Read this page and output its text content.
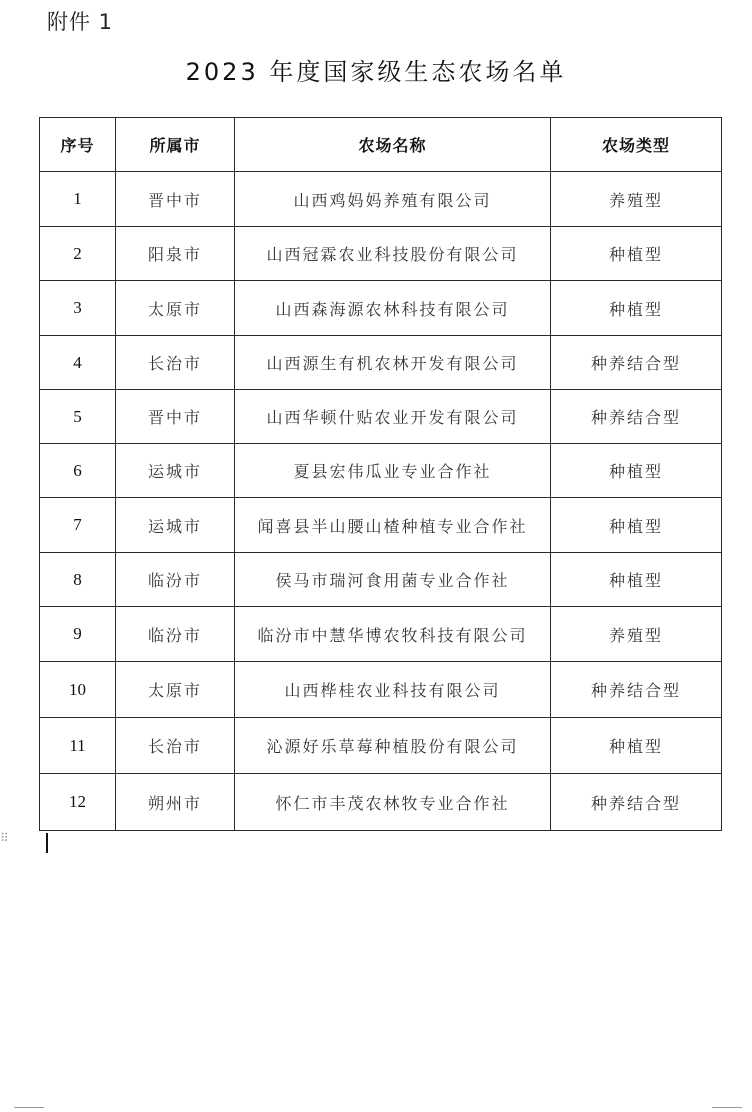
附件 1
2023 年度国家级生态农场名单
序号	所属市	农场名称	农场类型
1	晋中市	山西鸡妈妈养殖有限公司	养殖型
2	阳泉市	山西冠霖农业科技股份有限公司	种植型
3	太原市	山西森海源农林科技有限公司	种植型
4	长治市	山西源生有机农林开发有限公司	种养结合型
5	晋中市	山西华顿什贴农业开发有限公司	种养结合型
6	运城市	夏县宏伟瓜业专业合作社	种植型
7	运城市	闻喜县半山腰山楂种植专业合作社	种植型
8	临汾市	侯马市瑞河食用菌专业合作社	种植型
9	临汾市	临汾市中慧华博农牧科技有限公司	养殖型
10	太原市	山西桦桂农业科技有限公司	种养结合型
11	长治市	沁源好乐草莓种植股份有限公司	种植型
12	朔州市	怀仁市丰茂农林牧专业合作社	种养结合型
⠿
